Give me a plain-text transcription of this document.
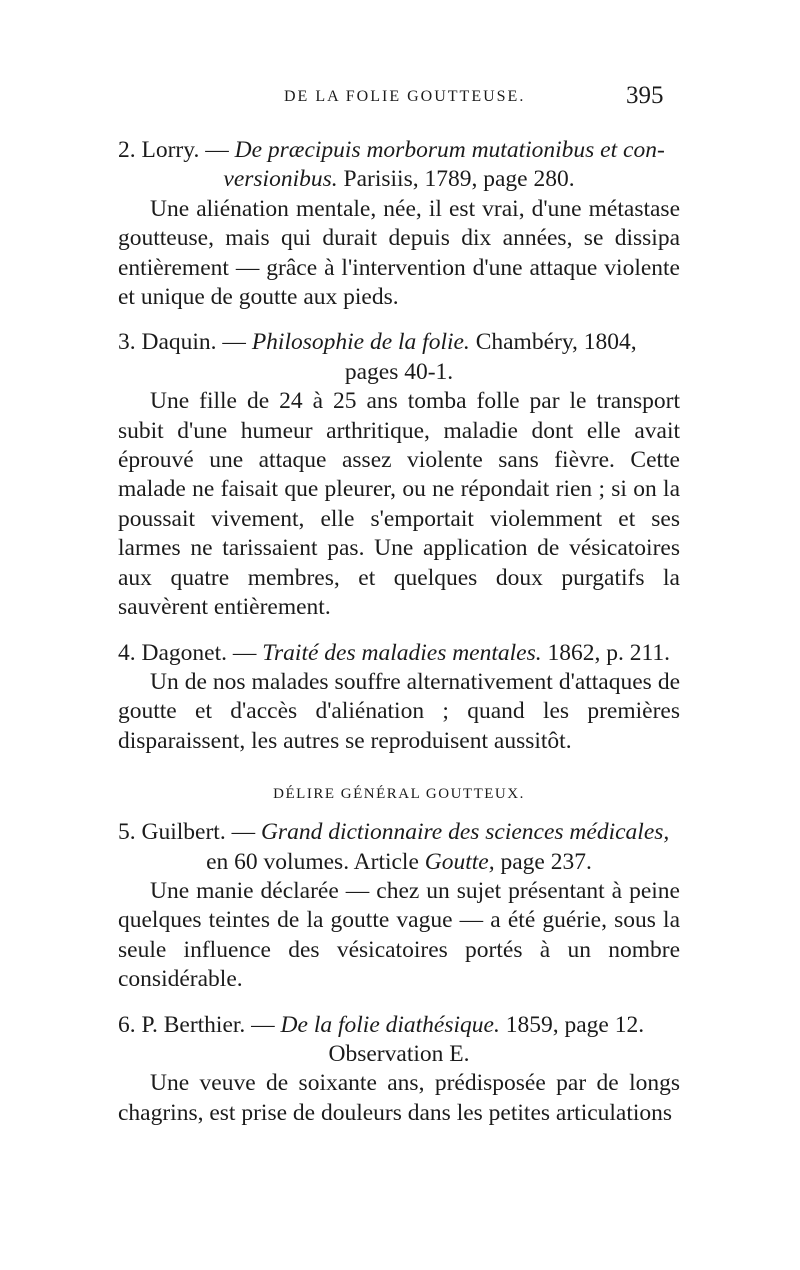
DE LA FOLIE GOUTTEUSE.	395

2. Lorry. — De præcipuis morborum mutationibus et con-
versionibus. Parisiis, 1789, page 280.

Une aliénation mentale, née, il est vrai, d'une métastase goutteuse, mais qui durait depuis dix années, se dissipa entièrement — grâce à l'intervention d'une attaque violente et unique de goutte aux pieds.

3. Daquin. — Philosophie de la folie. Chambéry, 1804,
pages 40-1.

Une fille de 24 à 25 ans tomba folle par le transport subit d'une humeur arthritique, maladie dont elle avait éprouvé une attaque assez violente sans fièvre. Cette malade ne faisait que pleurer, ou ne répondait rien ; si on la poussait vivement, elle s'emportait violemment et ses larmes ne tarissaient pas. Une application de vésicatoires aux quatre membres, et quelques doux purgatifs la sauvèrent entièrement.

4. Dagonet. — Traité des maladies mentales. 1862, p. 211.

Un de nos malades souffre alternativement d'attaques de goutte et d'accès d'aliénation ; quand les premières disparaissent, les autres se reproduisent aussitôt.

DÉLIRE GÉNÉRAL GOUTTEUX.

5. Guilbert. — Grand dictionnaire des sciences médicales,
en 60 volumes. Article Goutte, page 237.

Une manie déclarée — chez un sujet présentant à peine quelques teintes de la goutte vague — a été guérie, sous la seule influence des vésicatoires portés à un nombre considérable.

6. P. Berthier. — De la folie diathésique. 1859, page 12.
Observation E.

Une veuve de soixante ans, prédisposée par de longs chagrins, est prise de douleurs dans les petites articulations
